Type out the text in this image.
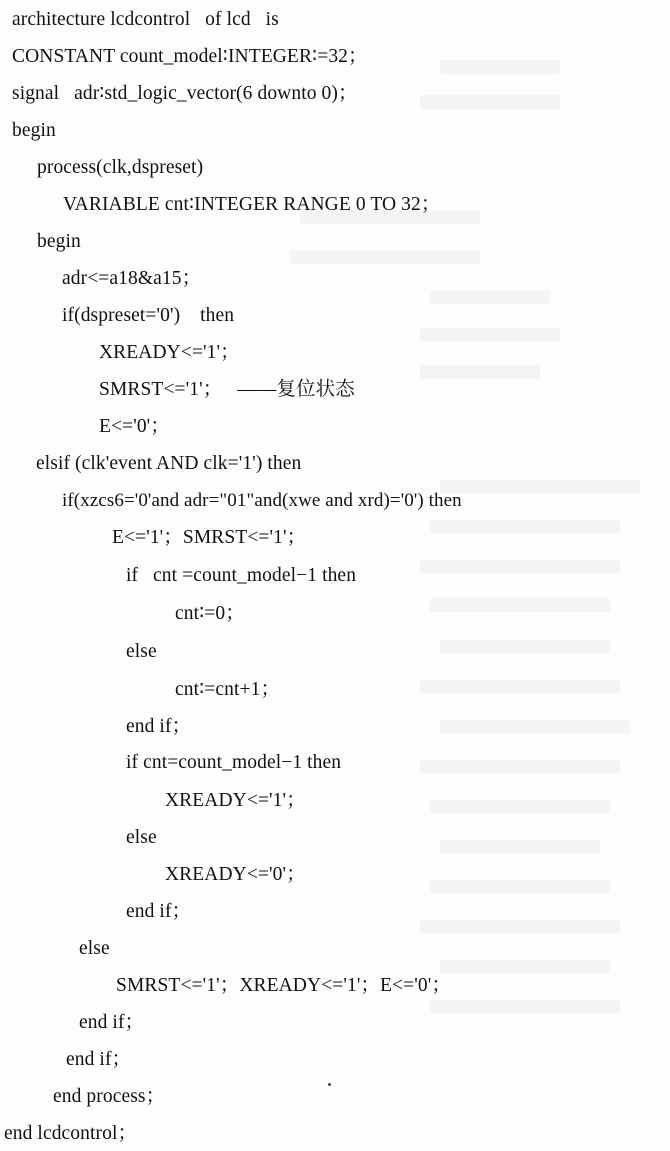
architecture lcdcontrol   of lcd   is
CONSTANT count_model∶INTEGER∶=32；
signal   adr∶std_logic_vector(6 downto 0)；
begin
process(clk,dspreset)
VARIABLE cnt∶INTEGER RANGE 0 TO 32；
begin
adr<=a18&a15；
if(dspreset='0')    then
XREADY<='1'；
SMRST<='1'；   ——复位状态
E<='0'；
elsif (clk'event AND clk='1') then
if(xzcs6='0'and adr="01"and(xwe and xrd)='0') then
E<='1'；SMRST<='1'；
if   cnt =count_model−1 then
cnt∶=0；
else
cnt∶=cnt+1；
end if；
if cnt=count_model−1 then
XREADY<='1'；
else
XREADY<='0'；
end if；
else
SMRST<='1'；XREADY<='1'；E<='0'；
end if；
end if；
end process；
end lcdcontrol；
